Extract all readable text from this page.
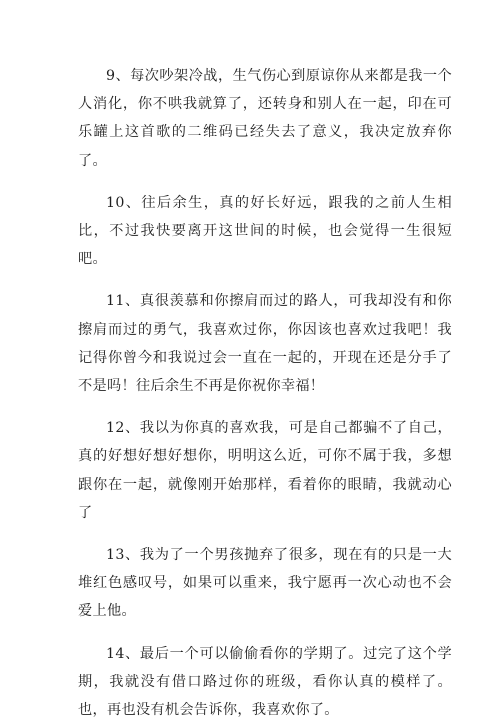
9、每次吵架冷战，生气伤心到原谅你从来都是我一个人消化，你不哄我就算了，还转身和别人在一起，印在可乐罐上这首歌的二维码已经失去了意义，我决定放弃你了。

10、往后余生，真的好长好远，跟我的之前人生相比，不过我快要离开这世间的时候，也会觉得一生很短吧。

11、真很羡慕和你擦肩而过的路人，可我却没有和你擦肩而过的勇气，我喜欢过你，你因该也喜欢过我吧！我记得你曾今和我说过会一直在一起的，开现在还是分手了不是吗！往后余生不再是你祝你幸福！

12、我以为你真的喜欢我，可是自己都骗不了自己，真的好想好想好想你，明明这么近，可你不属于我，多想跟你在一起，就像刚开始那样，看着你的眼睛，我就动心了

13、我为了一个男孩抛弃了很多，现在有的只是一大堆红色感叹号，如果可以重来，我宁愿再一次心动也不会爱上他。

14、最后一个可以偷偷看你的学期了。过完了这个学期，我就没有借口路过你的班级，看你认真的模样了。也，再也没有机会告诉你，我喜欢你了。
